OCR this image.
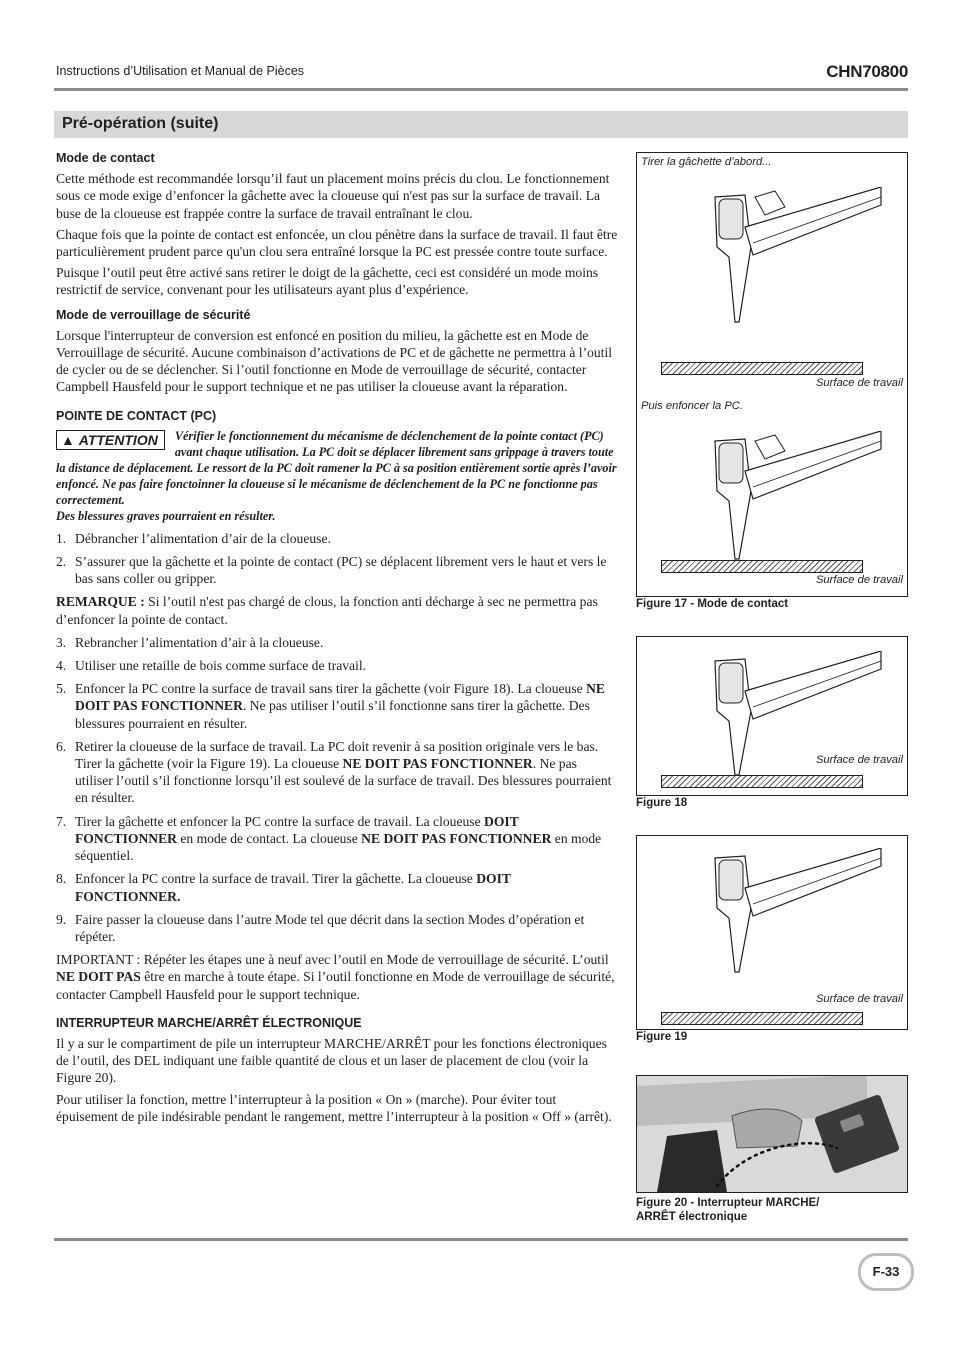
Instructions d’Utilisation et Manual de Pièces	CHN70800
Pré-opération (suite)
Mode de contact

Cette méthode est recommandée lorsqu’il faut un placement moins précis du clou. Le fonctionnement sous ce mode exige d’enfoncer la gâchette avec la cloueuse qui n'est pas sur la surface de travail. La buse de la cloueuse est frappée contre la surface de travail entraînant le clou.

Chaque fois que la pointe de contact est enfoncée, un clou pénètre dans la surface de travail. Il faut être particulièrement prudent parce qu'un clou sera entraîné lorsque la PC est pressée contre toute surface.

Puisque l’outil peut être activé sans retirer le doigt de la gâchette, ceci est considéré un mode moins restrictif de service, convenant pour les utilisateurs ayant plus d’expérience.

Mode de verrouillage de sécurité

Lorsque l'interrupteur de conversion est enfoncé en position du milieu, la gâchette est en Mode de Verrouillage de sécurité. Aucune combinaison d’activations de PC et de gâchette ne permettra à l’outil de cycler ou de se déclencher. Si l’outil fonctionne en Mode de verrouillage de sécurité, contacter Campbell Hausfeld pour le support technique et ne pas utiliser la cloueuse avant la réparation.

POINTE DE CONTACT (PC)
▲ ATTENTION	Vérifier le fonctionnement du mécanisme de déclenchement de la pointe contact (PC) avant chaque utilisation. La PC doit se déplacer librement sans grippage à travers toute la distance de déplacement. Le ressort de la PC doit ramener la PC à sa position entièrement sortie après l’avoir enfoncé. Ne pas faire fonctoinner la cloueuse si le mécanisme de déclenchement de la PC ne fonctionne pas correctement.
Des blessures graves pourraient en résulter.
1. Débrancher l’alimentation d’air de la cloueuse.
2. S’assurer que la gâchette et la pointe de contact (PC) se déplacent librement vers le haut et vers le bas sans coller ou gripper.

REMARQUE : Si l’outil n'est pas chargé de clous, la fonction anti décharge à sec ne permettra pas d’enfoncer la pointe de contact.

3. Rebrancher l’alimentation d’air à la cloueuse.
4. Utiliser une retaille de bois comme surface de travail.
5. Enfoncer la PC contre la surface de travail sans tirer la gâchette (voir Figure 18). La cloueuse NE DOIT PAS FONCTIONNER. Ne pas utiliser l’outil s’il fonctionne sans tirer la gâchette. Des blessures pourraient en résulter.
6. Retirer la cloueuse de la surface de travail. La PC doit revenir à sa position originale vers le bas. Tirer la gâchette (voir la Figure 19). La cloueuse NE DOIT PAS FONCTIONNER. Ne pas utiliser l’outil s’il fonctionne lorsqu’il est soulevé de la surface de travail. Des blessures pourraient en résulter.
7. Tirer la gâchette et enfoncer la PC contre la surface de travail. La cloueuse DOIT FONCTIONNER en mode de contact. La cloueuse NE DOIT PAS FONCTIONNER en mode séquentiel.
8. Enfoncer la PC contre la surface de travail. Tirer la gâchette. La cloueuse DOIT FONCTIONNER.
9. Faire passer la cloueuse dans l’autre Mode tel que décrit dans la section Modes d’opération et répéter.

IMPORTANT : Répéter les étapes une à neuf avec l’outil en Mode de verrouillage de sécurité. L’outil NE DOIT PAS être en marche à toute étape. Si l’outil fonctionne en Mode de verrouillage de sécurité, contacter Campbell Hausfeld pour le support technique.

INTERRUPTEUR MARCHE/ARRÊT ÉLECTRONIQUE

Il y a sur le compartiment de pile un interrupteur MARCHE/ARRÊT pour les fonctions électroniques de l’outil, des DEL indiquant une faible quantité de clous et un laser de placement de clou (voir la Figure 20).

Pour utiliser la fonction, mettre l’interrupteur à la position « On » (marche). Pour éviter tout épuisement de pile indésirable pendant le rangement, mettre l’interrupteur à la position « Off » (arrêt).

Tirer la gâchette d’abord...
Surface de travail
Puis enfoncer la PC.
Surface de travail
Figure 17 - Mode de contact
Surface de travail
Figure 18
Surface de travail
Figure 19
Figure 20 - Interrupteur MARCHE/
ARRÊT électronique
F-33
